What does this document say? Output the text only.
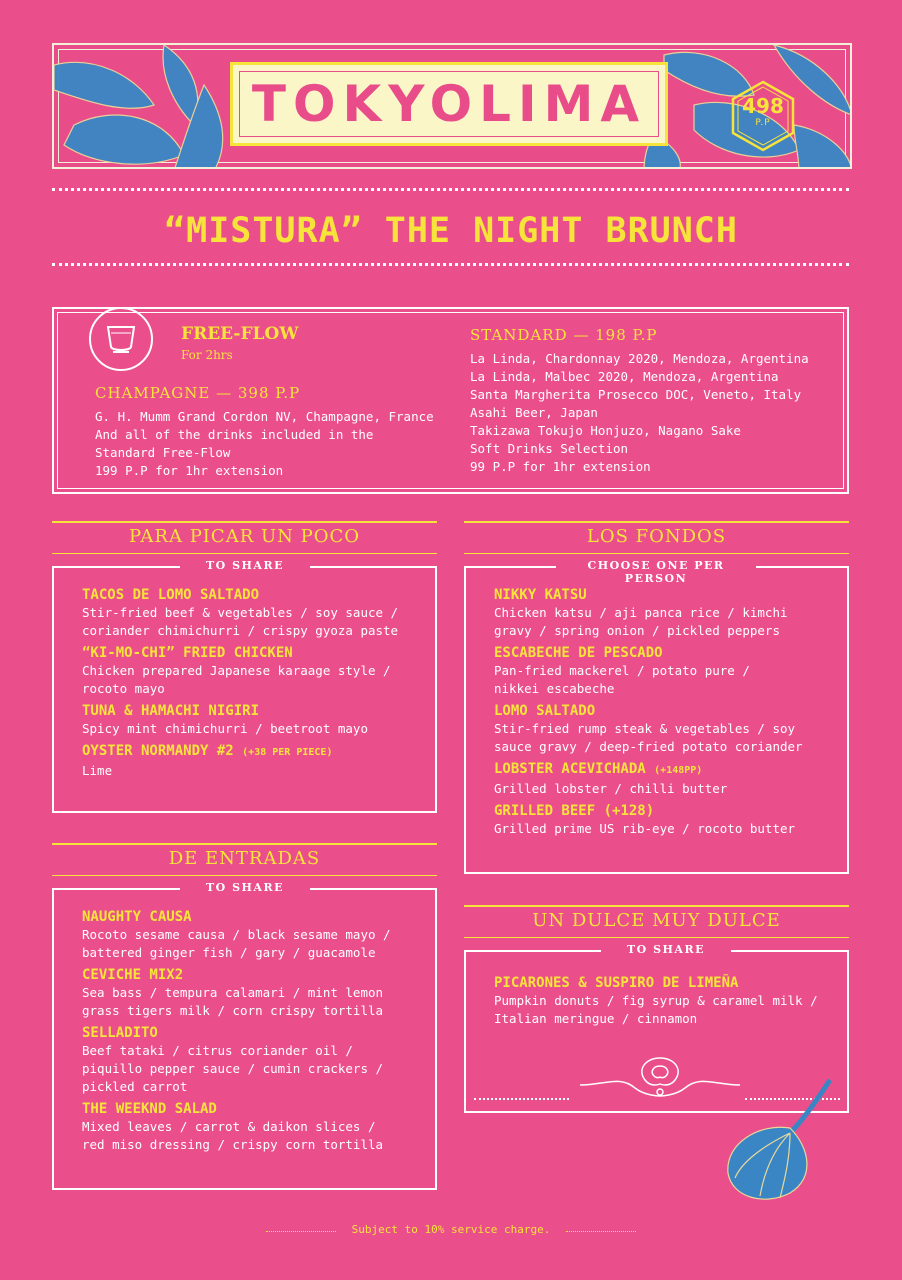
TOKYOLIMA	498
P.P
“MISTURA” THE NIGHT BRUNCH
FREE-FLOW
For 2hrs
CHAMPAGNE — 398 P.P
G. H. Mumm Grand Cordon NV, Champagne, France
And all of the drinks included in the
Standard Free-Flow
199 P.P for 1hr extension
STANDARD — 198 P.P
La Linda, Chardonnay 2020, Mendoza, Argentina
La Linda, Malbec 2020, Mendoza, Argentina
Santa Margherita Prosecco DOC, Veneto, Italy
Asahi Beer, Japan
Takizawa Tokujo Honjuzo, Nagano Sake
Soft Drinks Selection
99 P.P for 1hr extension
PARA PICAR UN POCO
TO SHARE
TACOS DE LOMO SALTADO
Stir-fried beef & vegetables / soy sauce /
coriander chimichurri / crispy gyoza paste
“KI-MO-CHI” FRIED CHICKEN
Chicken prepared Japanese karaage style /
rocoto mayo
TUNA & HAMACHI NIGIRI
Spicy mint chimichurri / beetroot mayo
OYSTER NORMANDY #2 (+38 PER PIECE)
Lime
DE ENTRADAS
TO SHARE
NAUGHTY CAUSA
Rocoto sesame causa / black sesame mayo /
battered ginger fish / gary / guacamole
CEVICHE MIX2
Sea bass / tempura calamari / mint lemon
grass tigers milk / corn crispy tortilla
SELLADITO
Beef tataki / citrus coriander oil /
piquillo pepper sauce / cumin crackers /
pickled carrot
THE WEEKND SALAD
Mixed leaves / carrot & daikon slices /
red miso dressing / crispy corn tortilla
LOS FONDOS
CHOOSE ONE PER PERSON
NIKKY KATSU
Chicken katsu / aji panca rice / kimchi
gravy / spring onion / pickled peppers
ESCABECHE DE PESCADO
Pan-fried mackerel / potato pure /
nikkei escabeche
LOMO SALTADO
Stir-fried rump steak & vegetables / soy
sauce gravy / deep-fried potato coriander
LOBSTER ACEVICHADA (+148PP)
Grilled lobster / chilli butter
GRILLED BEEF (+128)
Grilled prime US rib-eye / rocoto butter
UN DULCE MUY DULCE
TO SHARE
PICARONES & SUSPIRO DE LIMEÑA
Pumpkin donuts / fig syrup & caramel milk /
Italian meringue / cinnamon
Subject to 10% service charge.
